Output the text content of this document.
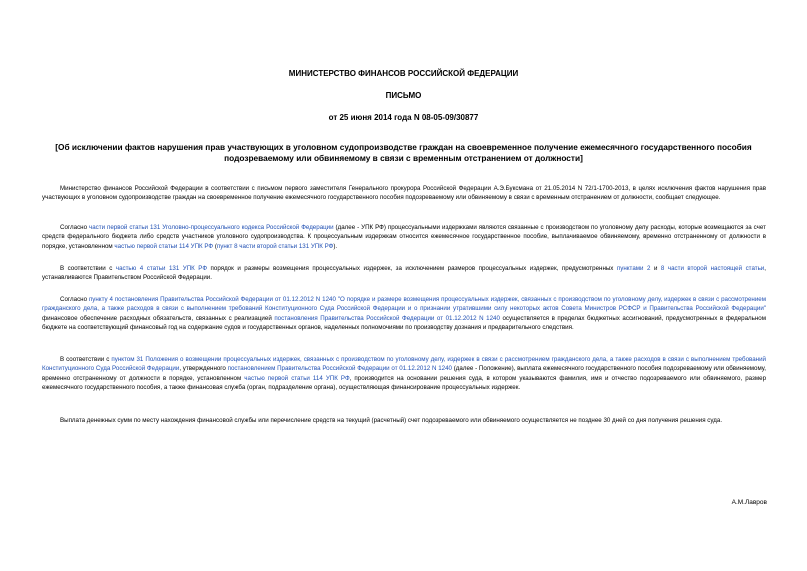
МИНИСТЕРСТВО ФИНАНСОВ РОССИЙСКОЙ ФЕДЕРАЦИИ
ПИСЬМО
от 25 июня 2014 года N 08-05-09/30877
[Об исключении фактов нарушения прав участвующих в уголовном судопроизводстве граждан на своевременное получение ежемесячного государственного пособия подозреваемому или обвиняемому в связи с временным отстранением от должности]
Министерство финансов Российской Федерации в соответствии с письмом первого заместителя Генерального прокурора Российской Федерации А.Э.Буксмана от 21.05.2014 N 72/1-1700-2013, в целях исключения фактов нарушения прав участвующих в уголовном судопроизводстве граждан на своевременное получение ежемесячного государственного пособия подозреваемому или обвиняемому в связи с временным отстранением от должности, сообщает следующее.
Согласно части первой статьи 131 Уголовно-процессуального кодекса Российской Федерации (далее - УПК РФ) процессуальными издержками являются связанные с производством по уголовному делу расходы, которые возмещаются за счет средств федерального бюджета либо средств участников уголовного судопроизводства. К процессуальным издержкам относится ежемесячное государственное пособие, выплачиваемое обвиняемому, временно отстраненному от должности в порядке, установленном частью первой статьи 114 УПК РФ (пункт 8 части второй статьи 131 УПК РФ).
В соответствии с частью 4 статьи 131 УПК РФ порядок и размеры возмещения процессуальных издержек, за исключением размеров процессуальных издержек, предусмотренных пунктами 2 и 8 части второй настоящей статьи, устанавливаются Правительством Российской Федерации.
Согласно пункту 4 постановления Правительства Российской Федерации от 01.12.2012 N 1240 "О порядке и размере возмещения процессуальных издержек, связанных с производством по уголовному делу, издержек в связи с рассмотрением гражданского дела, а также расходов в связи с выполнением требований Конституционного Суда Российской Федерации и о признании утратившими силу некоторых актов Совета Министров РСФСР и Правительства Российской Федерации" финансовое обеспечение расходных обязательств, связанных с реализацией постановления Правительства Российской Федерации от 01.12.2012 N 1240 осуществляется в пределах бюджетных ассигнований, предусмотренных в федеральном бюджете на соответствующий финансовый год на содержание судов и государственных органов, наделенных полномочиями по производству дознания и предварительного следствия.
В соответствии с пунктом 31 Положения о возмещении процессуальных издержек, связанных с производством по уголовному делу, издержек в связи с рассмотрением гражданского дела, а также расходов в связи с выполнением требований Конституционного Суда Российской Федерации, утвержденного постановлением Правительства Российской Федерации от 01.12.2012 N 1240 (далее - Положение), выплата ежемесячного государственного пособия подозреваемому или обвиняемому, временно отстраненному от должности в порядке, установленном частью первой статьи 114 УПК РФ, производится на основании решения суда, в котором указываются фамилия, имя и отчество подозреваемого или обвиняемого, размер ежемесячного государственного пособия, а также финансовая служба (орган, подразделение органа), осуществляющая финансирование процессуальных издержек.
Выплата денежных сумм по месту нахождения финансовой службы или перечисление средств на текущий (расчетный) счет подозреваемого или обвиняемого осуществляется не позднее 30 дней со дня получения решения суда.
А.М.Лавров
